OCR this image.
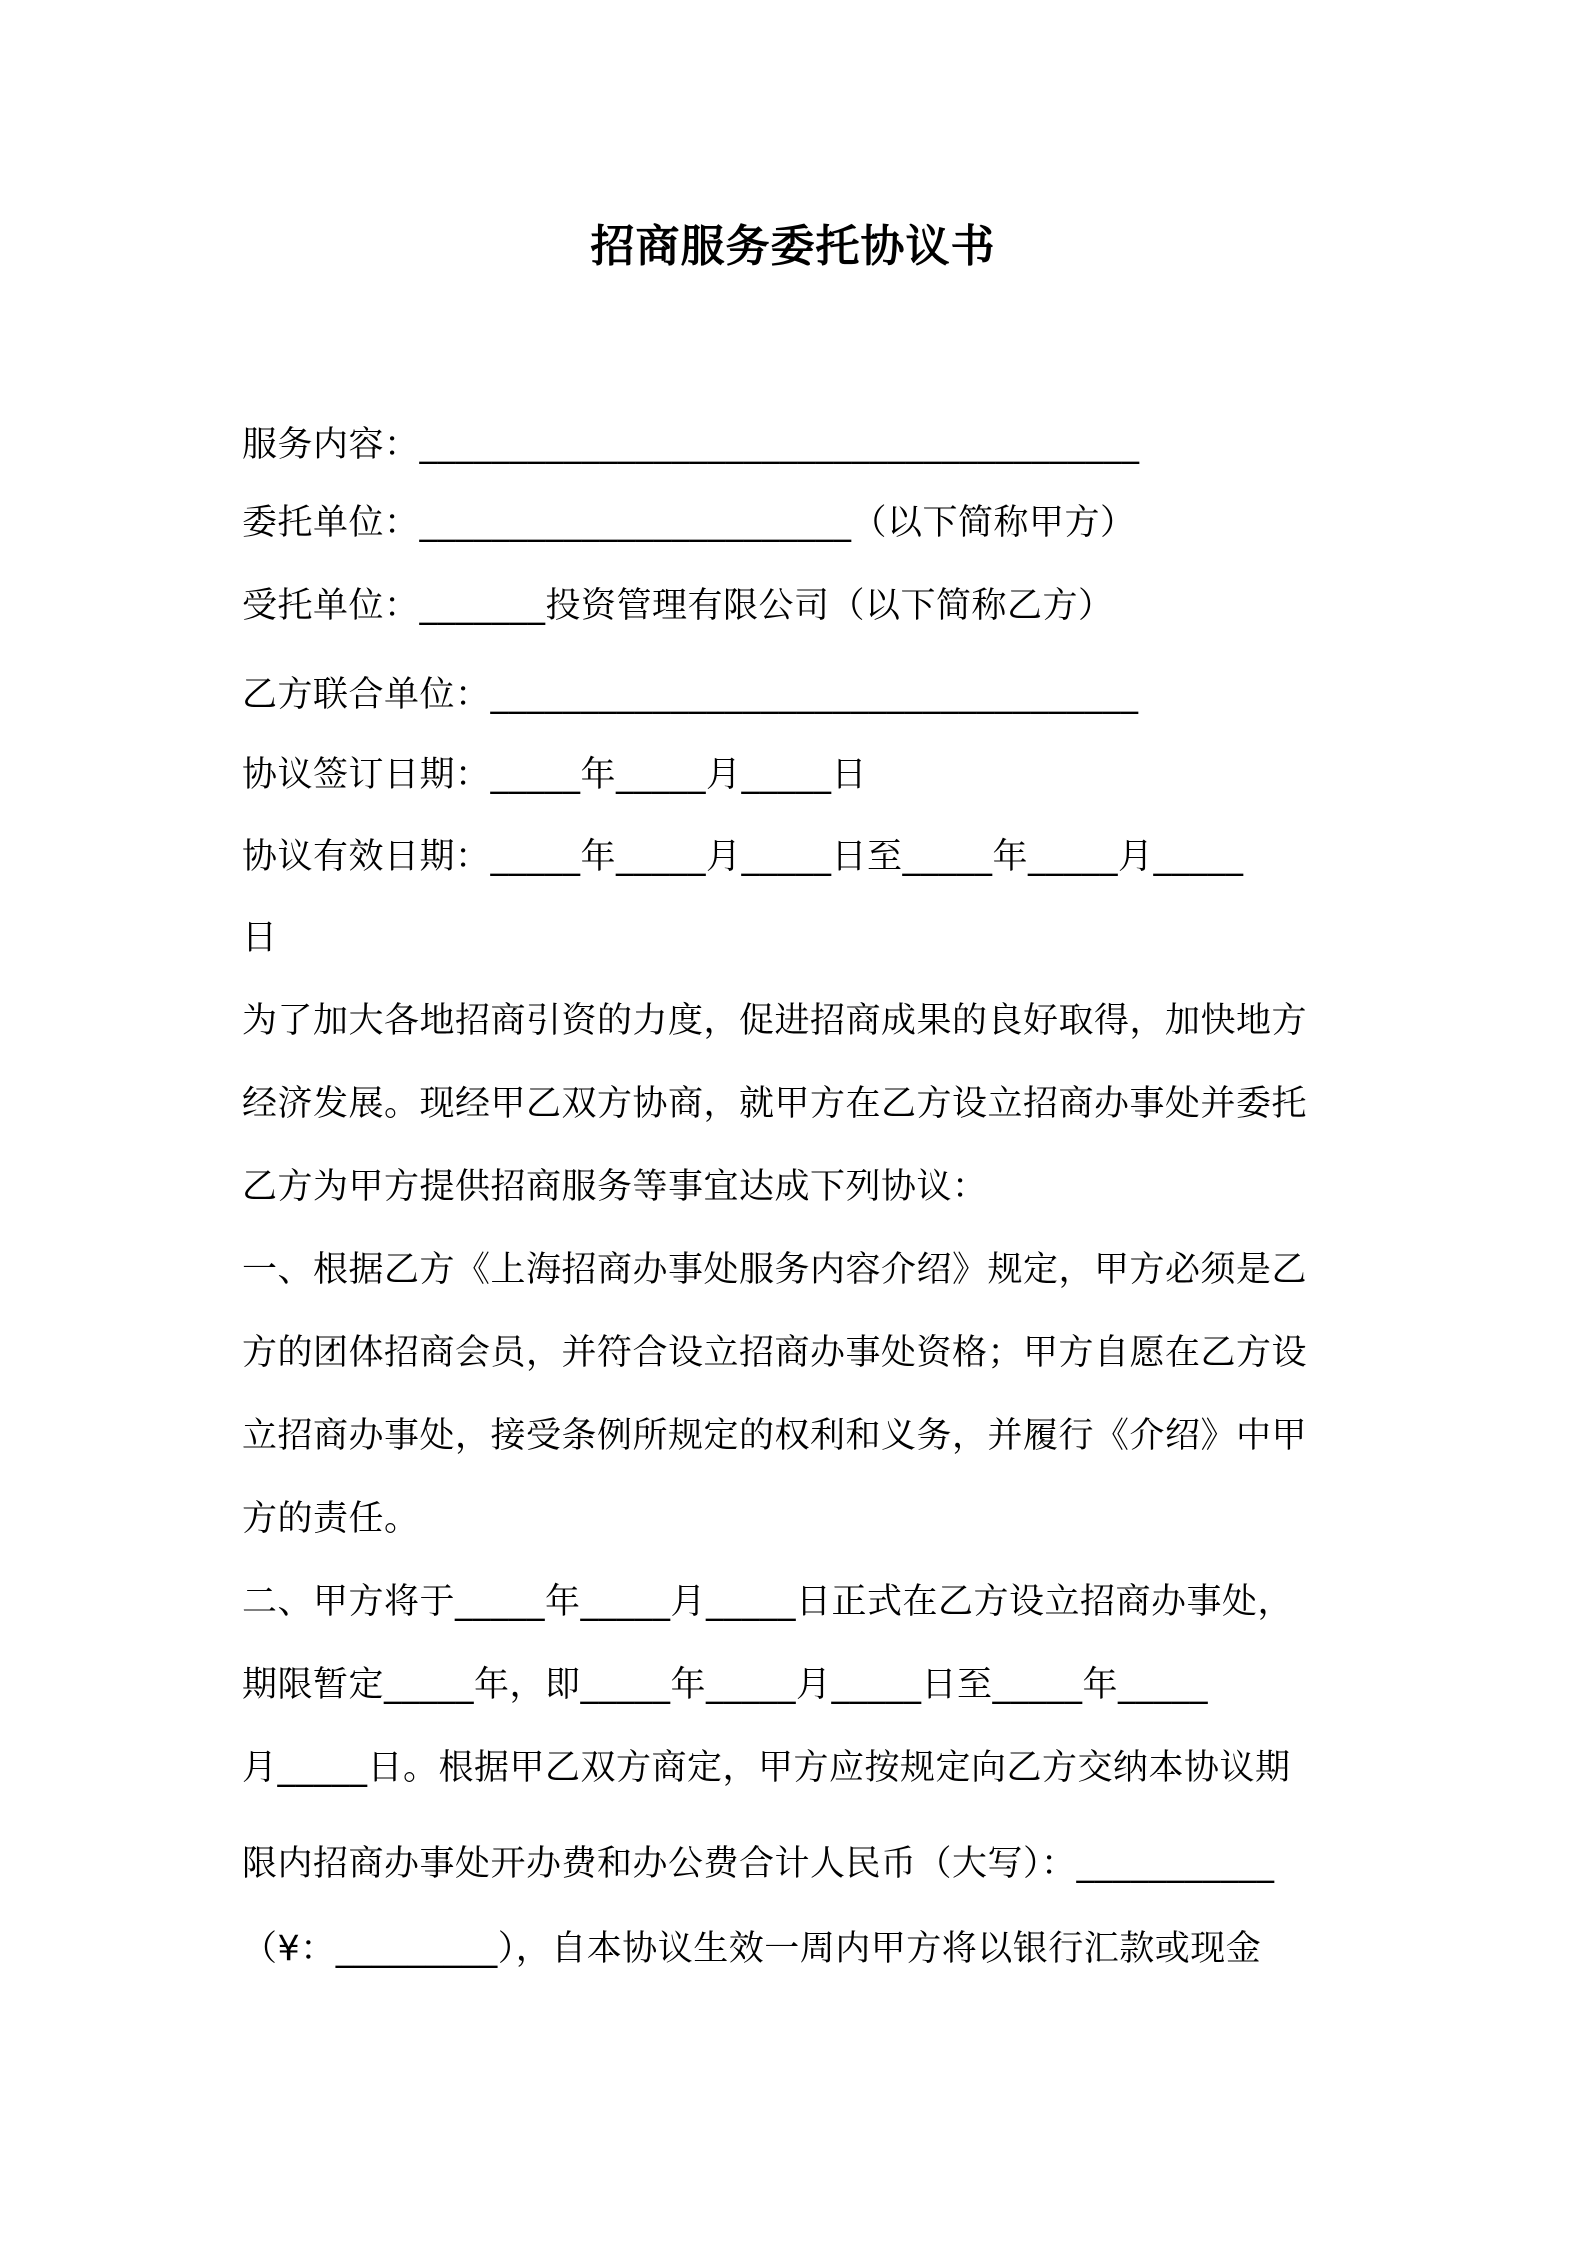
招商服务委托协议书
服务内容：________________________________________
委托单位：________________________（以下简称甲方）
受托单位：_______投资管理有限公司（以下简称乙方）
乙方联合单位：____________________________________
协议签订日期：_____年_____月_____日
协议有效日期：_____年_____月_____日至_____年_____月_____
日
为了加大各地招商引资的力度，促进招商成果的良好取得，加快地方
经济发展。现经甲乙双方协商，就甲方在乙方设立招商办事处并委托
乙方为甲方提供招商服务等事宜达成下列协议：
一、根据乙方《上海招商办事处服务内容介绍》规定，甲方必须是乙
方的团体招商会员，并符合设立招商办事处资格；甲方自愿在乙方设
立招商办事处，接受条例所规定的权利和义务，并履行《介绍》中甲
方的责任。
二、甲方将于_____年_____月_____日正式在乙方设立招商办事处，
期限暂定_____年，即_____年_____月_____日至_____年_____
月_____日。根据甲乙双方商定，甲方应按规定向乙方交纳本协议期
限内招商办事处开办费和办公费合计人民币（大写）：___________
（¥：_________），自本协议生效一周内甲方将以银行汇款或现金
